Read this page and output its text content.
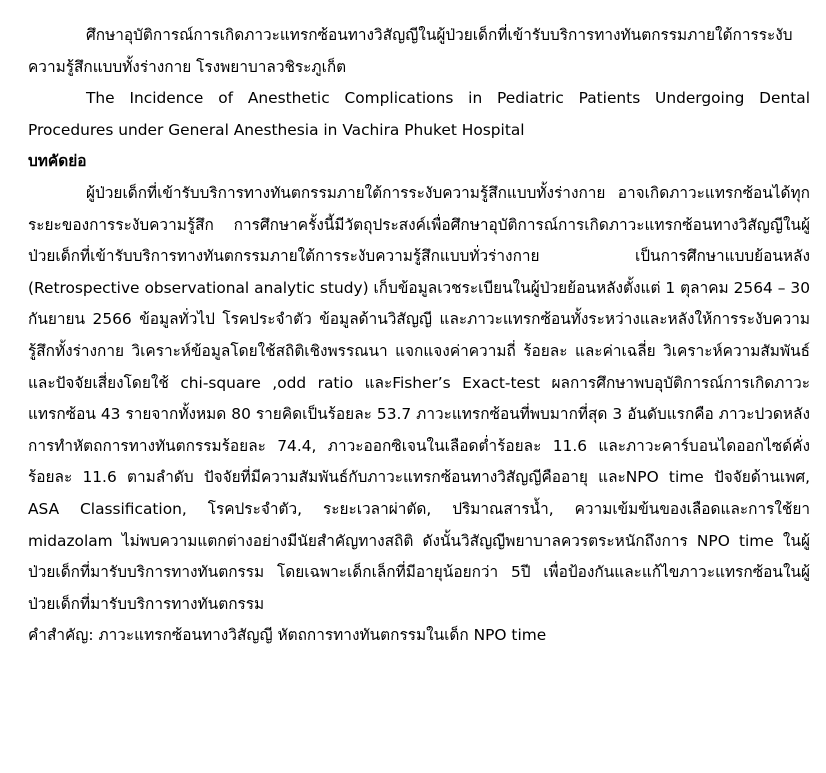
ศึกษาอุบัติการณ์การเกิดภาวะแทรกซ้อนทางวิสัญญีในผู้ป่วยเด็กที่เข้ารับบริการทางทันตกรรมภายใต้การระงับความรู้สึกแบบทั้งร่างกาย โรงพยาบาลวชิระภูเก็ต

The Incidence of Anesthetic Complications in Pediatric Patients Undergoing Dental Procedures under General Anesthesia in Vachira Phuket Hospital

บทคัดย่อ

ผู้ป่วยเด็กที่เข้ารับบริการทางทันตกรรมภายใต้การระงับความรู้สึกแบบทั้งร่างกาย อาจเกิดภาวะแทรกซ้อนได้ทุกระยะของการระงับความรู้สึก การศึกษาครั้งนี้มีวัตถุประสงค์เพื่อศึกษาอุบัติการณ์การเกิดภาวะแทรกซ้อนทางวิสัญญีในผู้ป่วยเด็กที่เข้ารับบริการทางทันตกรรมภายใต้การระงับความรู้สึกแบบทั่วร่างกาย เป็นการศึกษาแบบย้อนหลัง (Retrospective observational analytic study) เก็บข้อมูลเวชระเบียนในผู้ป่วยย้อนหลังตั้งแต่ 1 ตุลาคม 2564 – 30 กันยายน 2566 ข้อมูลทั่วไป โรคประจำตัว ข้อมูลด้านวิสัญญี และภาวะแทรกซ้อนทั้งระหว่างและหลังให้การระงับความรู้สึกทั้งร่างกาย วิเคราะห์ข้อมูลโดยใช้สถิติเชิงพรรณนา แจกแจงค่าความถี่ ร้อยละ และค่าเฉลี่ย วิเคราะห์ความสัมพันธ์และปัจจัยเสี่ยงโดยใช้ chi-square ,odd ratio และFisher’s Exact-test ผลการศึกษาพบอุบัติการณ์การเกิดภาวะแทรกซ้อน 43 รายจากทั้งหมด 80 รายคิดเป็นร้อยละ 53.7 ภาวะแทรกซ้อนที่พบมากที่สุด 3 อันดับแรกคือ ภาวะปวดหลังการทำหัตถการทางทันตกรรมร้อยละ 74.4, ภาวะออกซิเจนในเลือดต่ำร้อยละ 11.6 และภาวะคาร์บอนไดออกไซด์คั่งร้อยละ 11.6 ตามลำดับ ปัจจัยที่มีความสัมพันธ์กับภาวะแทรกซ้อนทางวิสัญญีคืออายุ และNPO time ปัจจัยด้านเพศ, ASA Classification, โรคประจำตัว, ระยะเวลาผ่าตัด, ปริมาณสารน้ำ, ความเข้มข้นของเลือดและการใช้ยา midazolam ไม่พบความแตกต่างอย่างมีนัยสำคัญทางสถิติ ดังนั้นวิสัญญีพยาบาลควรตระหนักถึงการ NPO time ในผู้ป่วยเด็กที่มารับบริการทางทันตกรรม โดยเฉพาะเด็กเล็กที่มีอายุน้อยกว่า 5ปี เพื่อป้องกันและแก้ไขภาวะแทรกซ้อนในผู้ป่วยเด็กที่มารับบริการทางทันตกรรม

คำสำคัญ: ภาวะแทรกซ้อนทางวิสัญญี หัตถการทางทันตกรรมในเด็ก NPO time
